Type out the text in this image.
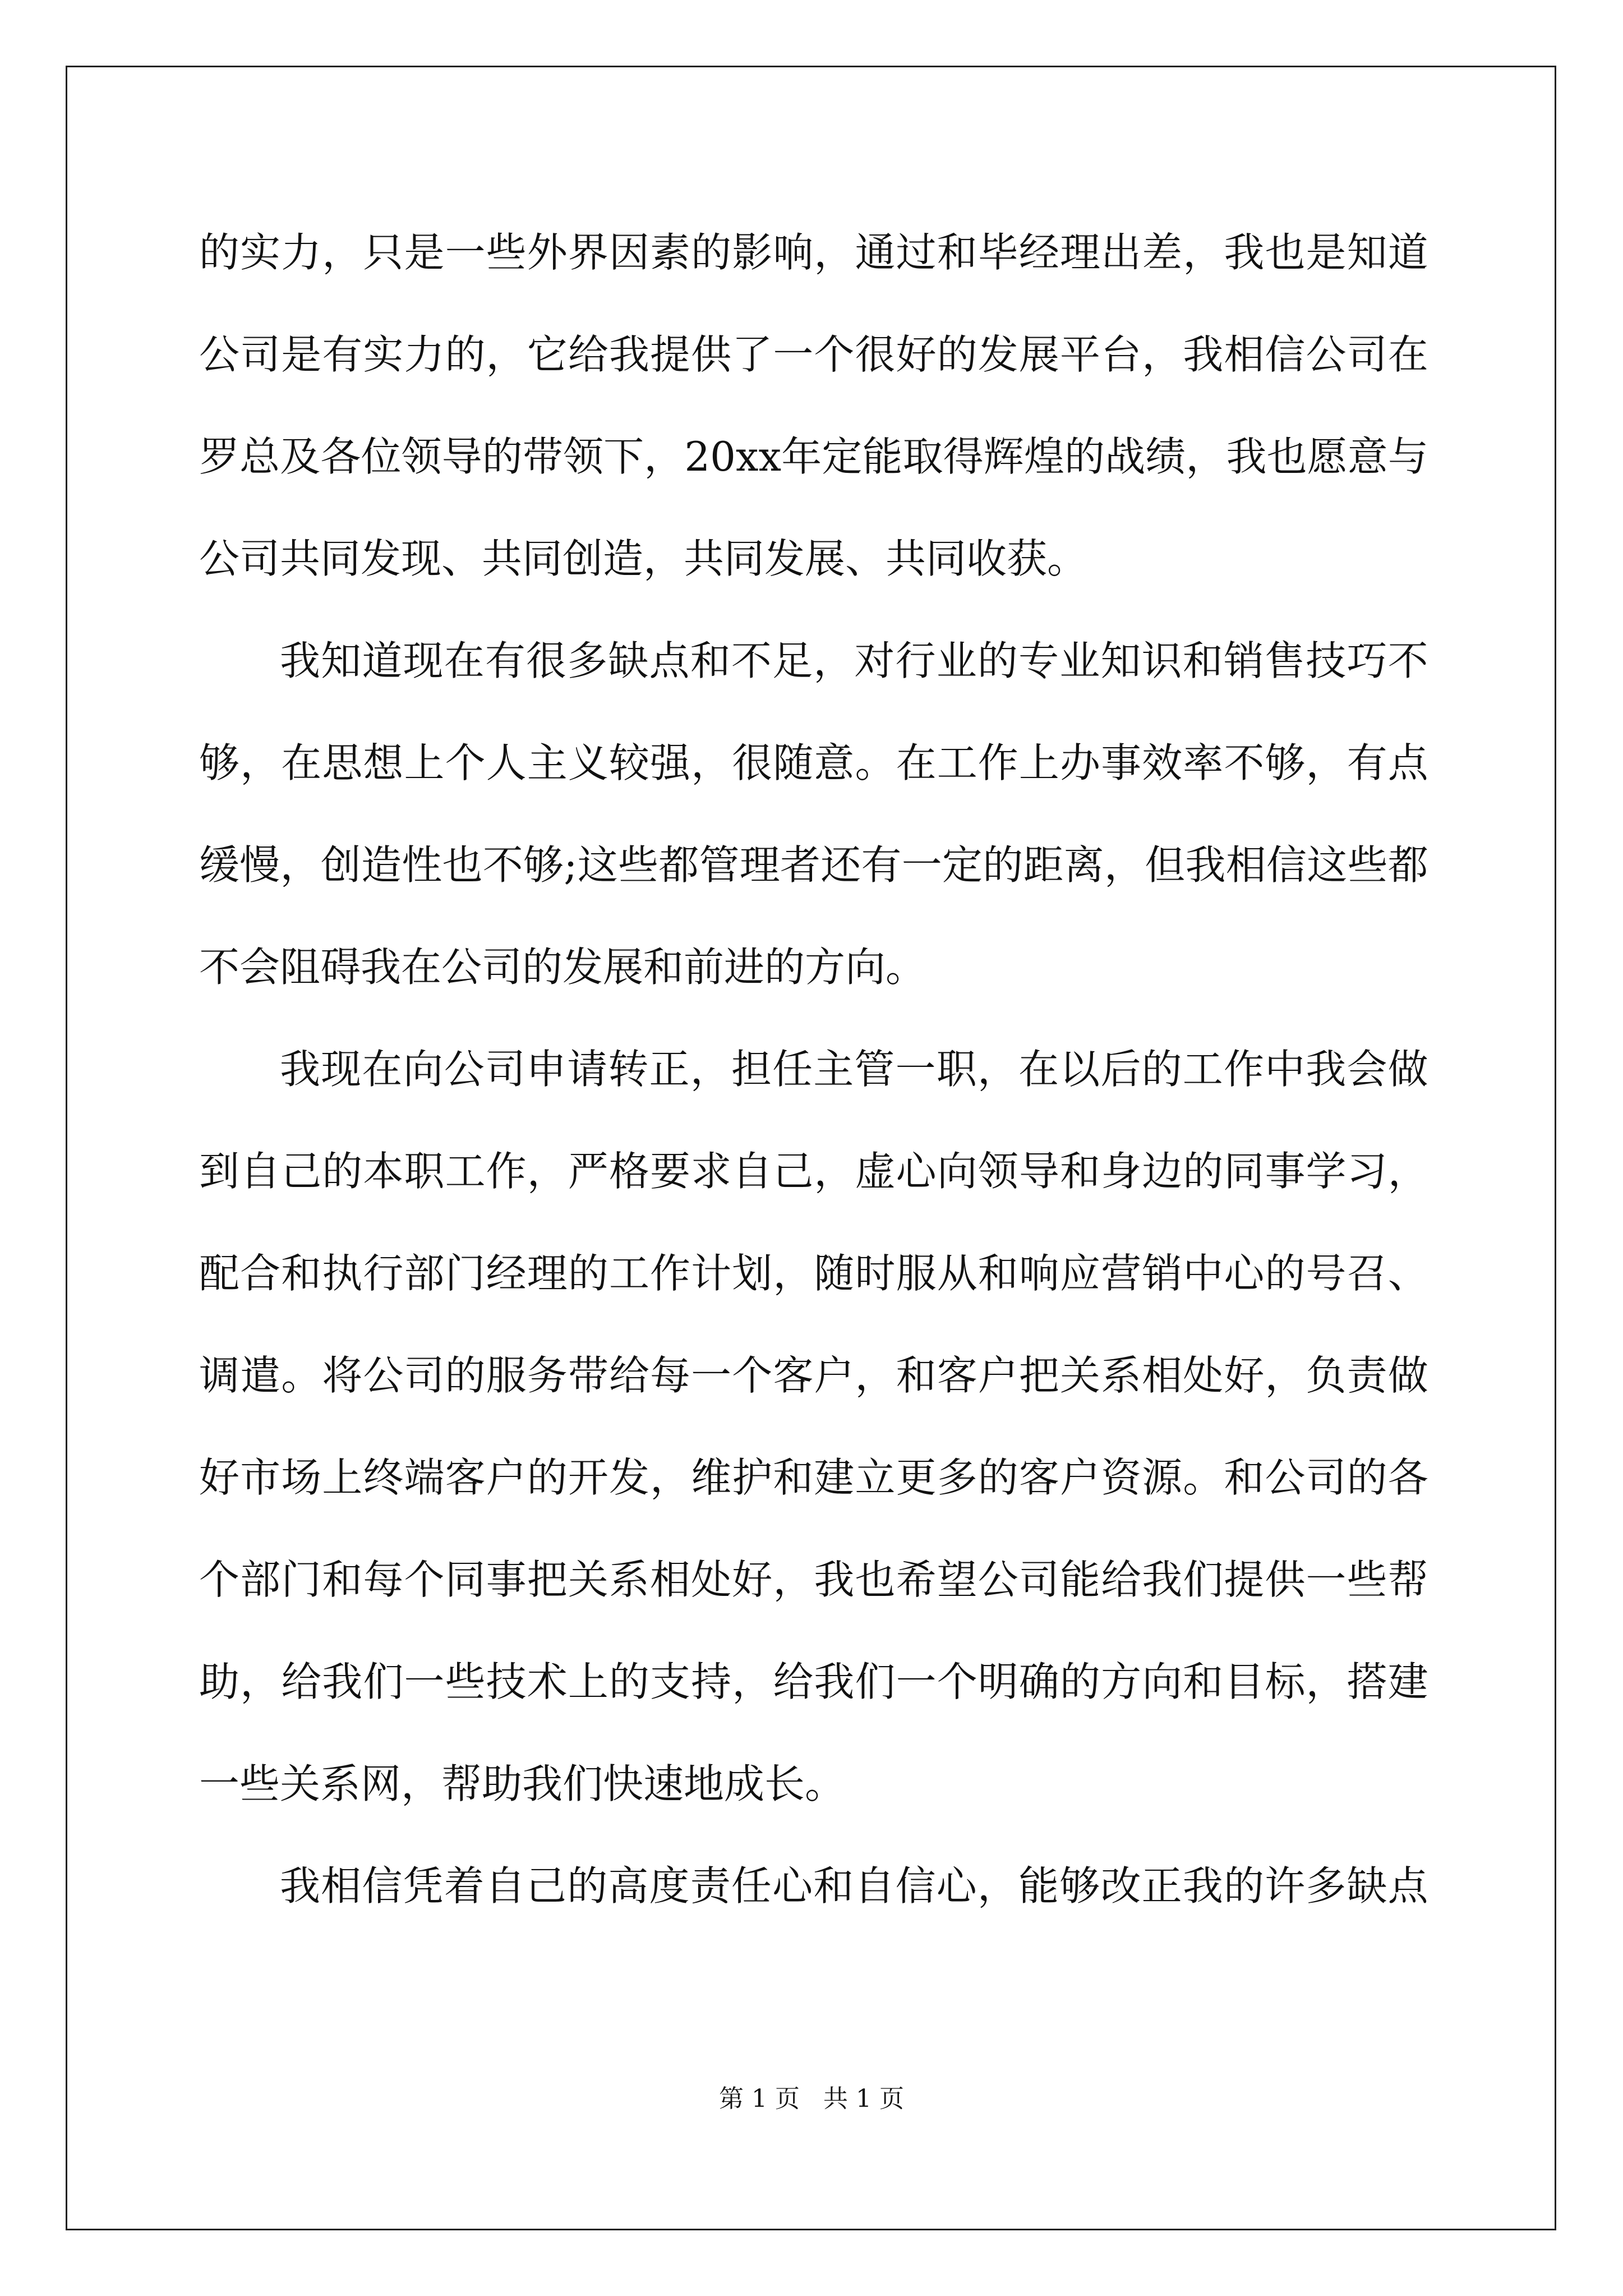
的 实 力 ， 只 是 一 些 外 界 因 素 的 影 响 ， 通 过 和 毕 经 理 出 差 ， 我 也 是 知 道
公 司 是 有 实 力 的 ， 它 给 我 提 供 了 一 个 很 好 的 发 展 平 台 ， 我 相 信 公 司 在
罗 总 及 各 位 领 导 的 带 领 下 ， 20xx 年 定 能 取 得 辉 煌 的 战 绩 ， 我 也 愿 意 与
公司共同发现、共同创造，共同发展、共同收获。
我 知 道 现 在 有 很 多 缺 点 和 不 足 ， 对 行 业 的 专 业 知 识 和 销 售 技 巧 不
够 ， 在 思 想 上 个 人 主 义 较 强 ， 很 随 意 。 在 工 作 上 办 事 效 率 不 够 ， 有 点
缓 慢 ， 创 造 性 也 不 够 ; 这 些 都 管 理 者 还 有 一 定 的 距 离 ， 但 我 相 信 这 些 都
不会阻碍我在公司的发展和前进的方向。
我 现 在 向 公 司 申 请 转 正 ， 担 任 主 管 一 职 ， 在 以 后 的 工 作 中 我 会 做
到 自 己 的 本 职 工 作 ， 严 格 要 求 自 己 ， 虚 心 向 领 导 和 身 边 的 同 事 学 习 ，
配 合 和 执 行 部 门 经 理 的 工 作 计 划 ， 随 时 服 从 和 响 应 营 销 中 心 的 号 召 、
调 遣 。 将 公 司 的 服 务 带 给 每 一 个 客 户 ， 和 客 户 把 关 系 相 处 好 ， 负 责 做
好 市 场 上 终 端 客 户 的 开 发 ， 维 护 和 建 立 更 多 的 客 户 资 源 。 和 公 司 的 各
个 部 门 和 每 个 同 事 把 关 系 相 处 好 ， 我 也 希 望 公 司 能 给 我 们 提 供 一 些 帮
助 ， 给 我 们 一 些 技 术 上 的 支 持 ， 给 我 们 一 个 明 确 的 方 向 和 目 标 ， 搭 建
一些关系网，帮助我们快速地成长。
我 相 信 凭 着 自 己 的 高 度 责 任 心 和 自 信 心 ， 能 够 改 正 我 的 许 多 缺 点
第 1 页   共 1 页
